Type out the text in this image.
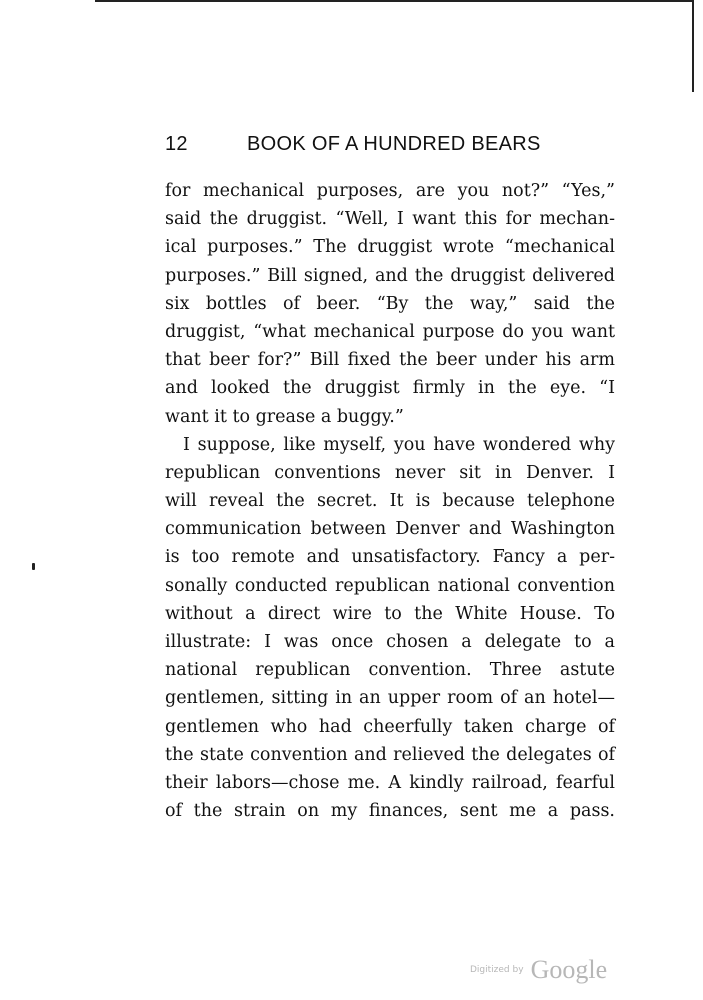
12	BOOK OF A HUNDRED BEARS
for mechanical purposes, are you not?” “Yes,”
said the druggist. “Well, I want this for mechan-
ical purposes.” The druggist wrote “mechanical
purposes.” Bill signed, and the druggist delivered
six bottles of beer. “By the way,” said the
druggist, “what mechanical purpose do you want
that beer for?” Bill fixed the beer under his arm
and looked the druggist firmly in the eye. “I
want it to grease a buggy.”
I suppose, like myself, you have wondered why
republican conventions never sit in Denver. I
will reveal the secret. It is because telephone
communication between Denver and Washington
is too remote and unsatisfactory. Fancy a per-
sonally conducted republican national convention
without a direct wire to the White House. To
illustrate: I was once chosen a delegate to a
national republican convention. Three astute
gentlemen, sitting in an upper room of an hotel—
gentlemen who had cheerfully taken charge of
the state convention and relieved the delegates of
their labors—chose me. A kindly railroad, fearful
of the strain on my finances, sent me a pass.
Digitized by Google
